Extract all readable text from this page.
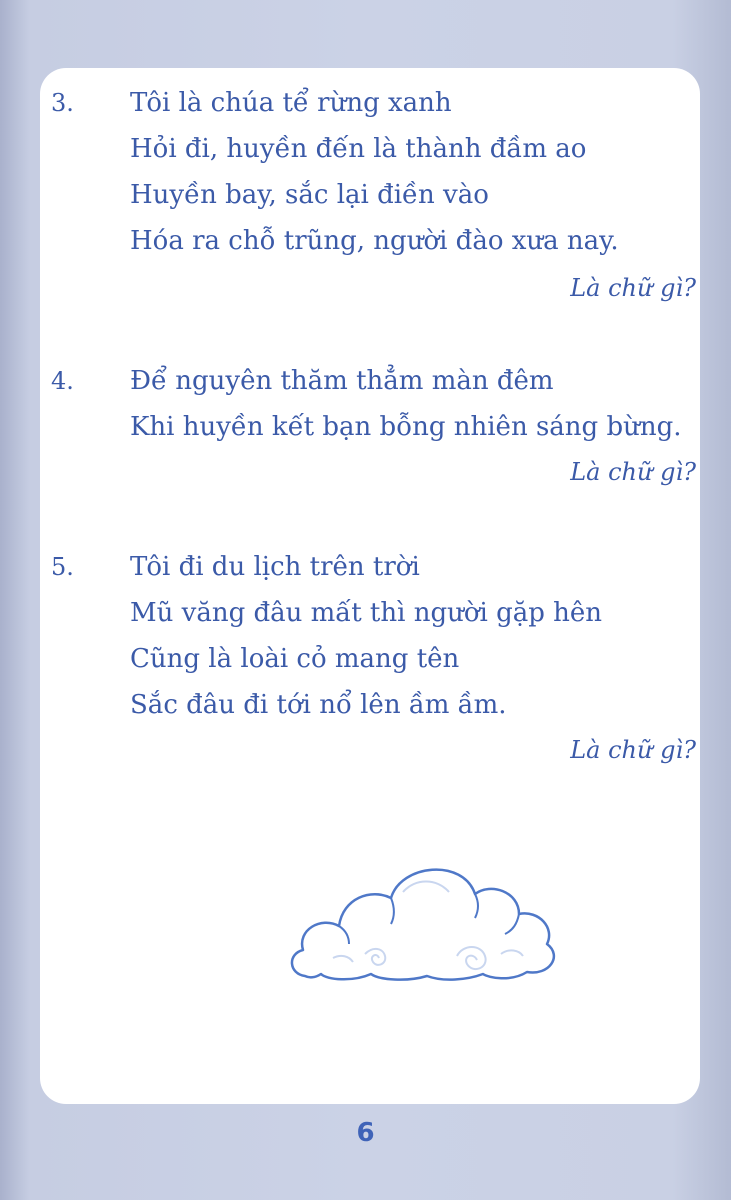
3. Tôi là chúa tể rừng xanh
Hỏi đi, huyền đến là thành đầm ao
Huyền bay, sắc lại điền vào
Hóa ra chỗ trũng, người đào xưa nay.
Là chữ gì?
4. Để nguyên thăm thẳm màn đêm
Khi huyền kết bạn bỗng nhiên sáng bừng.
Là chữ gì?
5. Tôi đi du lịch trên trời
Mũ văng đâu mất thì người gặp hên
Cũng là loài cỏ mang tên
Sắc đâu đi tới nổ lên ầm ầm.
Là chữ gì?
6
